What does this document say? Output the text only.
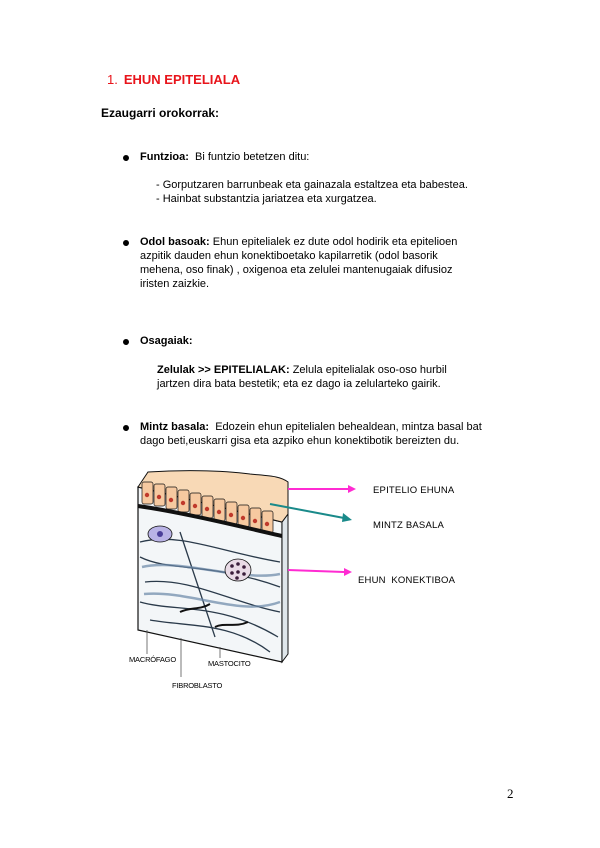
1. EHUN EPITELIALA
Ezaugarri orokorrak:
Funtzioa: Bi funtzio betetzen ditu:
- Gorputzaren barrunbeak eta gainazala estaltzea eta babestea.
- Hainbat substantzia jariatzea eta xurgatzea.
Odol basoak: Ehun epitelialek ez dute odol hodirik eta epitelioen
azpitik dauden ehun konektiboetako kapilarretik (odol basorik
mehena, oso finak) , oxigenoa eta zelulei mantenugaiak difusioz
iristen zaizkie.
Osagaiak:
Zelulak >> EPITELIALAK: Zelula epitelialak oso-oso hurbil
jartzen dira bata bestetik; eta ez dago ia zelularteko gairik.
Mintz basala: Edozein ehun epitelialen behealdean, mintza basal bat
dago beti,euskarri gisa eta azpiko ehun konektibotik bereizten du.
EPITELIO EHUNA
MINTZ BASALA
EHUN  KONEKTIBOA
MACRÓFAGO	MASTOCITO
FIBROBLASTO
2
